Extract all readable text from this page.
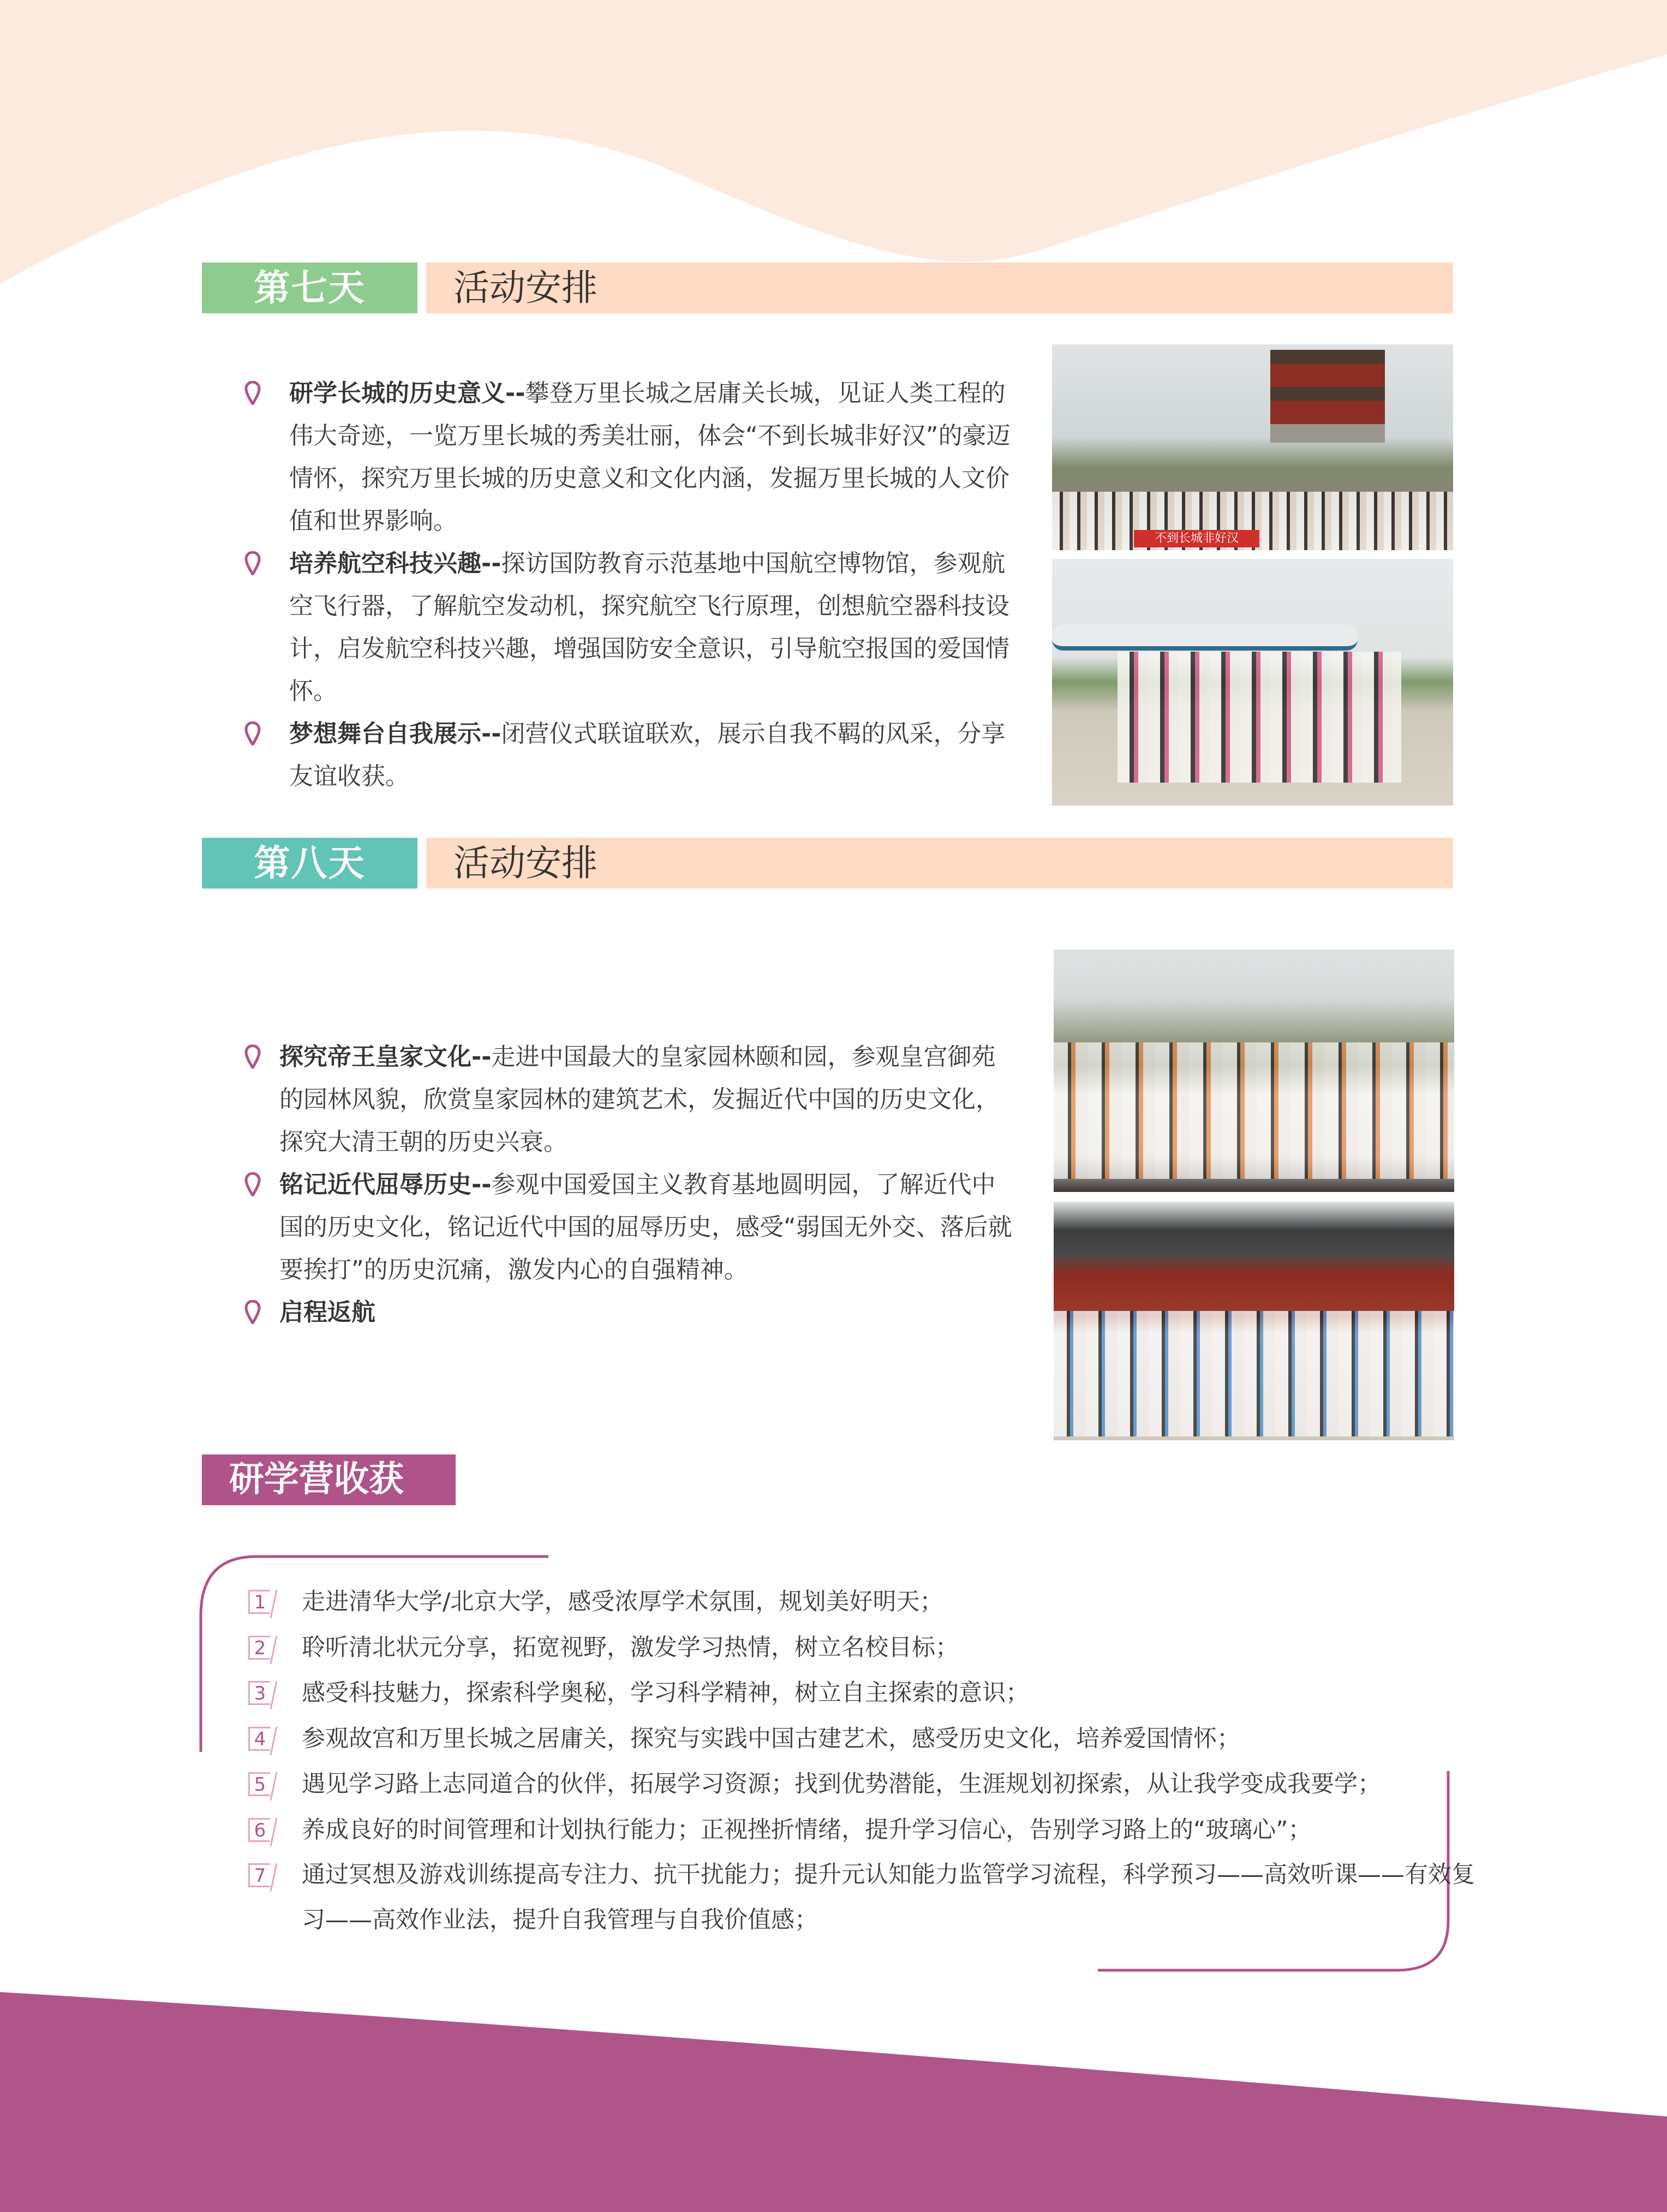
第七天	活动安排
研学长城的历史意义--攀登万里长城之居庸关长城，见证人类工程的伟大奇迹，一览万里长城的秀美壮丽，体会“不到长城非好汉”的豪迈情怀，探究万里长城的历史意义和文化内涵，发掘万里长城的人文价值和世界影响。
培养航空科技兴趣--探访国防教育示范基地中国航空博物馆，参观航空飞行器，了解航空发动机，探究航空飞行原理，创想航空器科技设计，启发航空科技兴趣，增强国防安全意识，引导航空报国的爱国情怀。
梦想舞台自我展示--闭营仪式联谊联欢，展示自我不羁的风采，分享友谊收获。
不到长城非好汉
第八天	活动安排
探究帝王皇家文化--走进中国最大的皇家园林颐和园，参观皇宫御苑的园林风貌，欣赏皇家园林的建筑艺术，发掘近代中国的历史文化，探究大清王朝的历史兴衰。
铭记近代屈辱历史--参观中国爱国主义教育基地圆明园，了解近代中国的历史文化，铭记近代中国的屈辱历史，感受“弱国无外交、落后就要挨打”的历史沉痛，激发内心的自强精神。
启程返航
研学营收获
1 走进清华大学/北京大学，感受浓厚学术氛围，规划美好明天；
2 聆听清北状元分享，拓宽视野，激发学习热情，树立名校目标；
3 感受科技魅力，探索科学奥秘，学习科学精神，树立自主探索的意识；
4 参观故宫和万里长城之居庸关，探究与实践中国古建艺术，感受历史文化，培养爱国情怀；
5 遇见学习路上志同道合的伙伴，拓展学习资源；找到优势潜能，生涯规划初探索，从让我学变成我要学；
6 养成良好的时间管理和计划执行能力；正视挫折情绪，提升学习信心，告别学习路上的“玻璃心”；
7 通过冥想及游戏训练提高专注力、抗干扰能力；提升元认知能力监管学习流程，科学预习——高效听课——有效复习——高效作业法，提升自我管理与自我价值感；
